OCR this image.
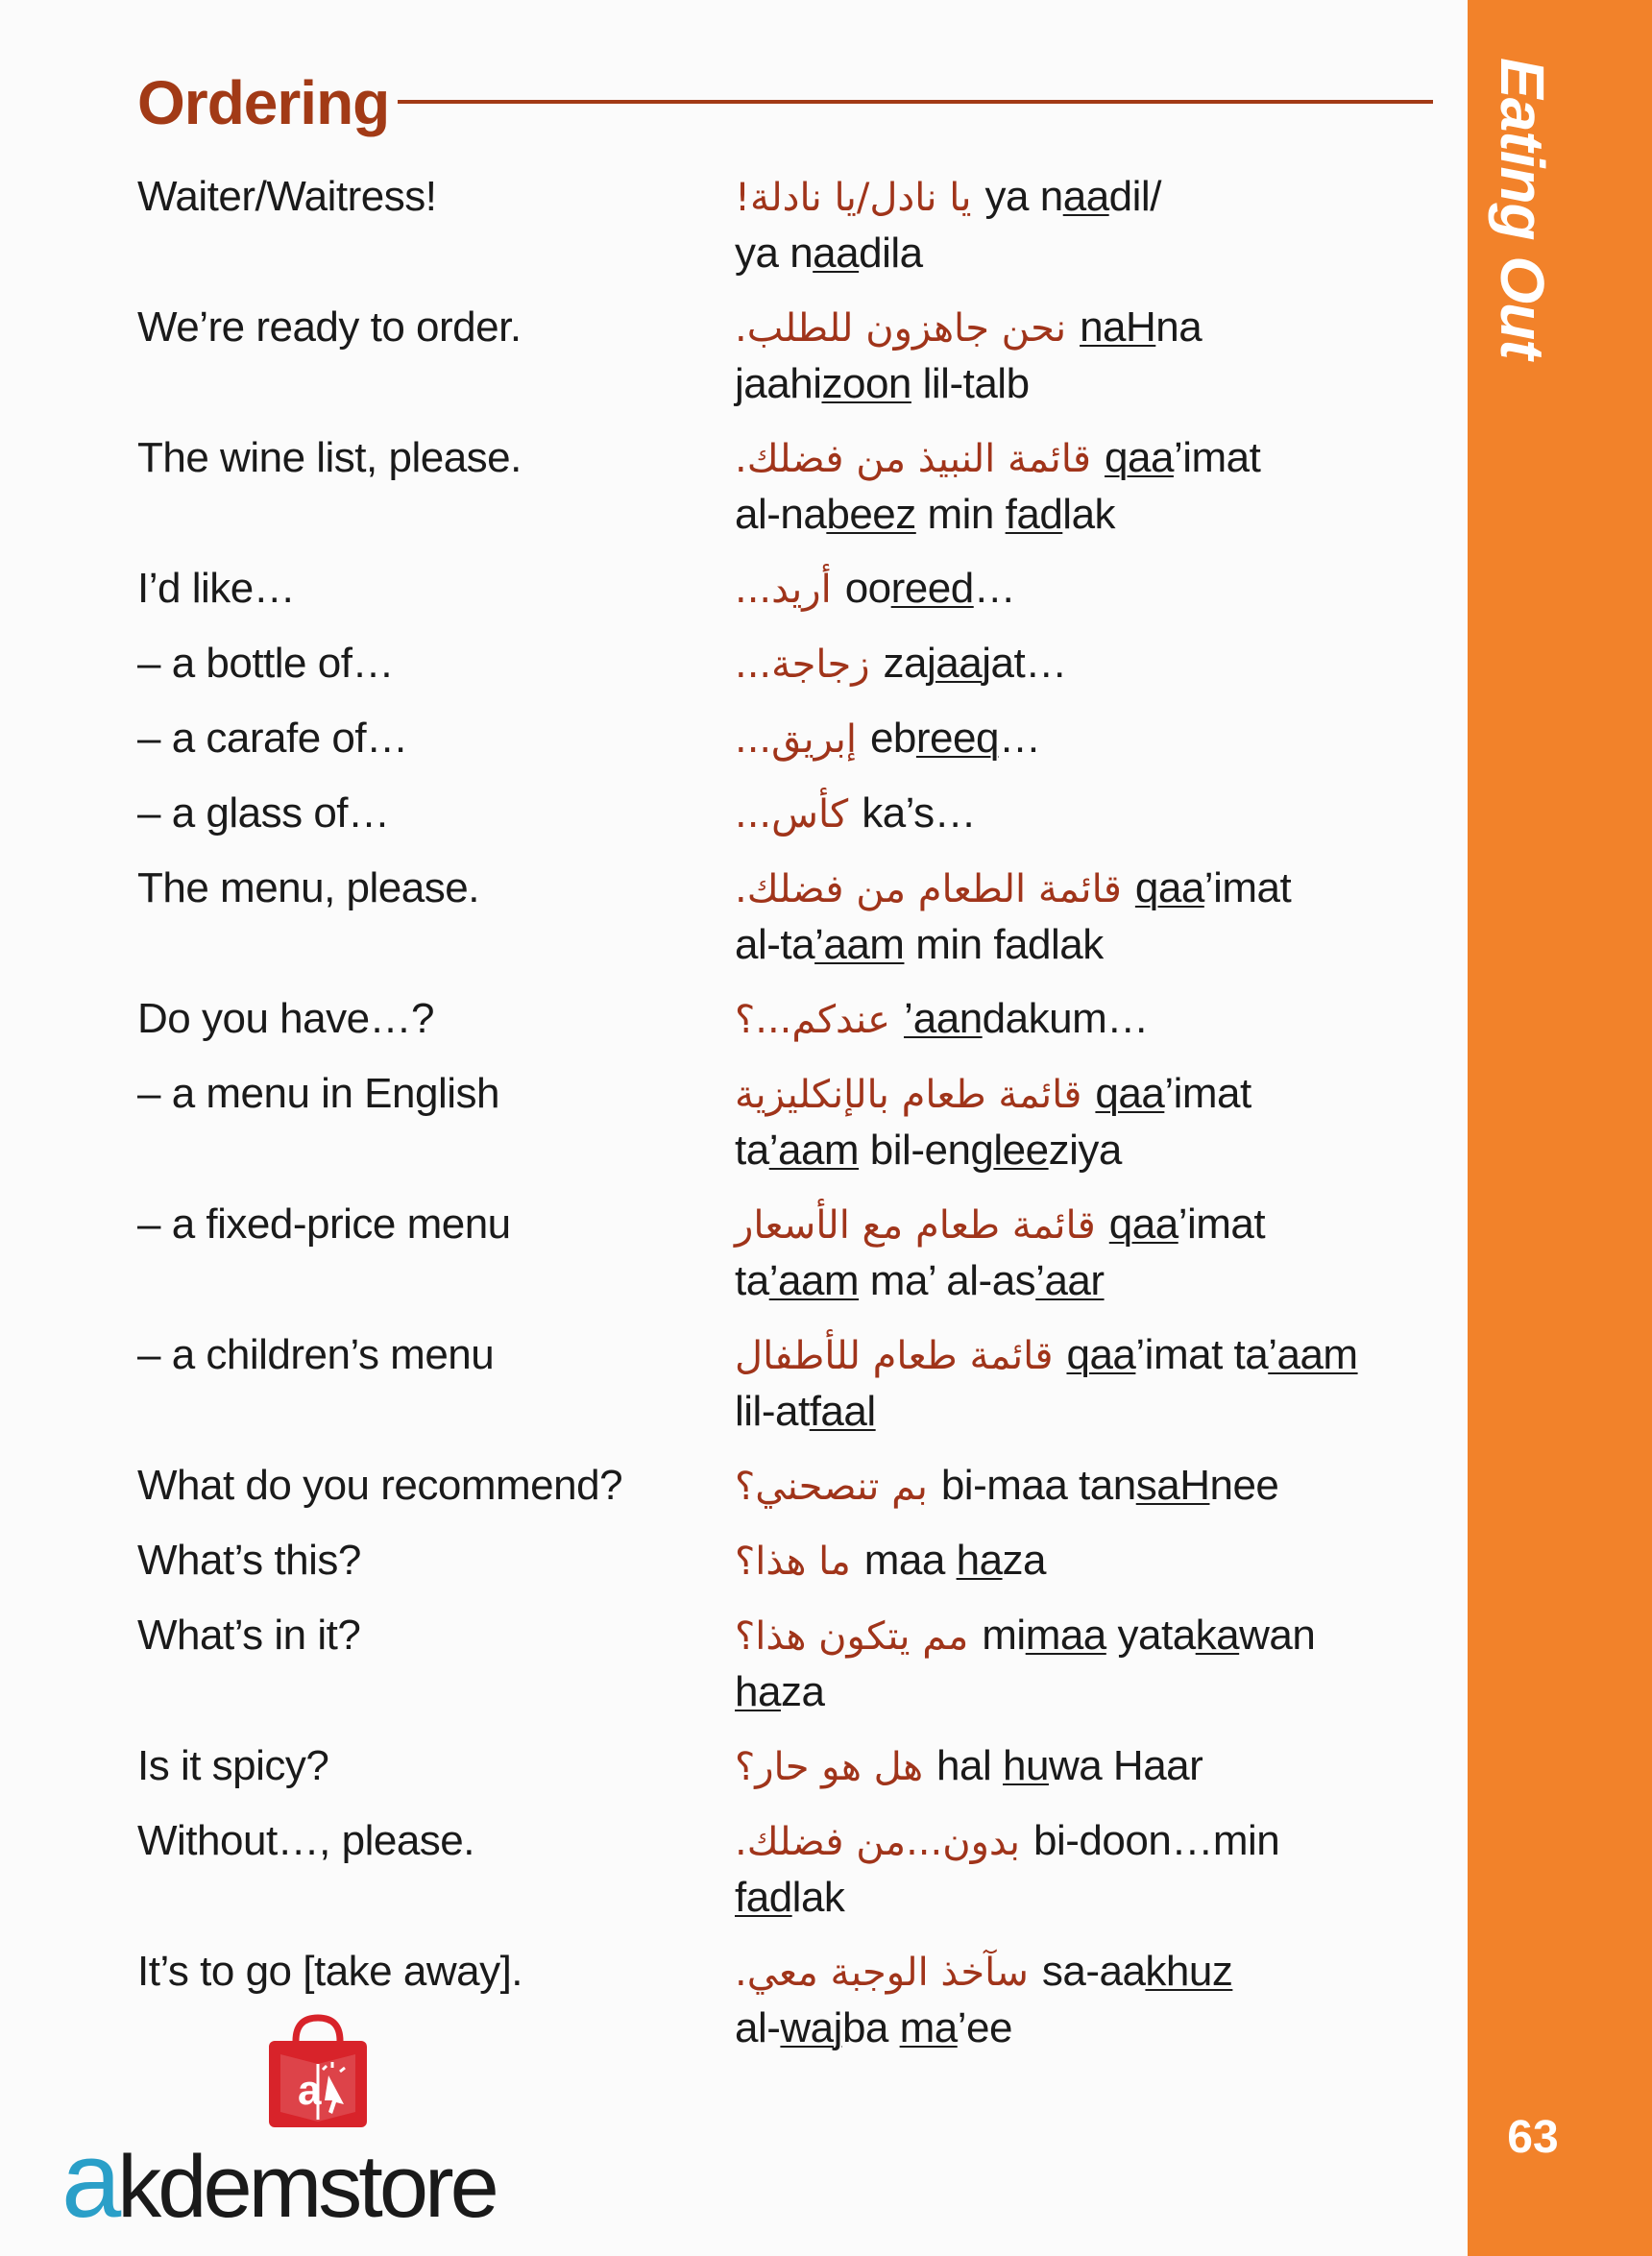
Eating Out
63
Ordering
Waiter/Waitress!	يا نادل/يا نادلة! ya naadil/
ya naadila
We’re ready to order.	نحن جاهزون للطلب. naHna
jaahizoon lil-talb
The wine list, please.	قائمة النبيذ من فضلك. qaa’imat
al-nabeez min fadlak
I’d like…	أريد... ooreed…
– a bottle of…	زجاجة... zajaajat…
– a carafe of…	إبريق... ebreeq…
– a glass of…	كأس... ka’s…
The menu, please.	قائمة الطعام من فضلك. qaa’imat
al-ta’aam min fadlak
Do you have…?	عندكم...؟ ’aandakum…
– a menu in English	قائمة طعام بالإنكليزية qaa’imat
ta’aam bil-engleeziya
– a fixed-price menu	قائمة طعام مع الأسعار qaa’imat
ta’aam ma’ al-as’aar
– a children’s menu	قائمة طعام للأطفال qaa’imat ta’aam
lil-atfaal
What do you recommend?	بم تنصحني؟ bi-maa tansaHnee
What’s this?	ما هذا؟ maa haza
What’s in it?	مم يتكون هذا؟ mimaa yatakawan
haza
Is it spicy?	هل هو حار؟ hal huwa Haar
Without…, please.	بدون...من فضلك. bi-doon…min
fadlak
It’s to go [take away].	سآخذ الوجبة معي. sa-aakhuz
al-wajba ma’ee
a
akdemstore
